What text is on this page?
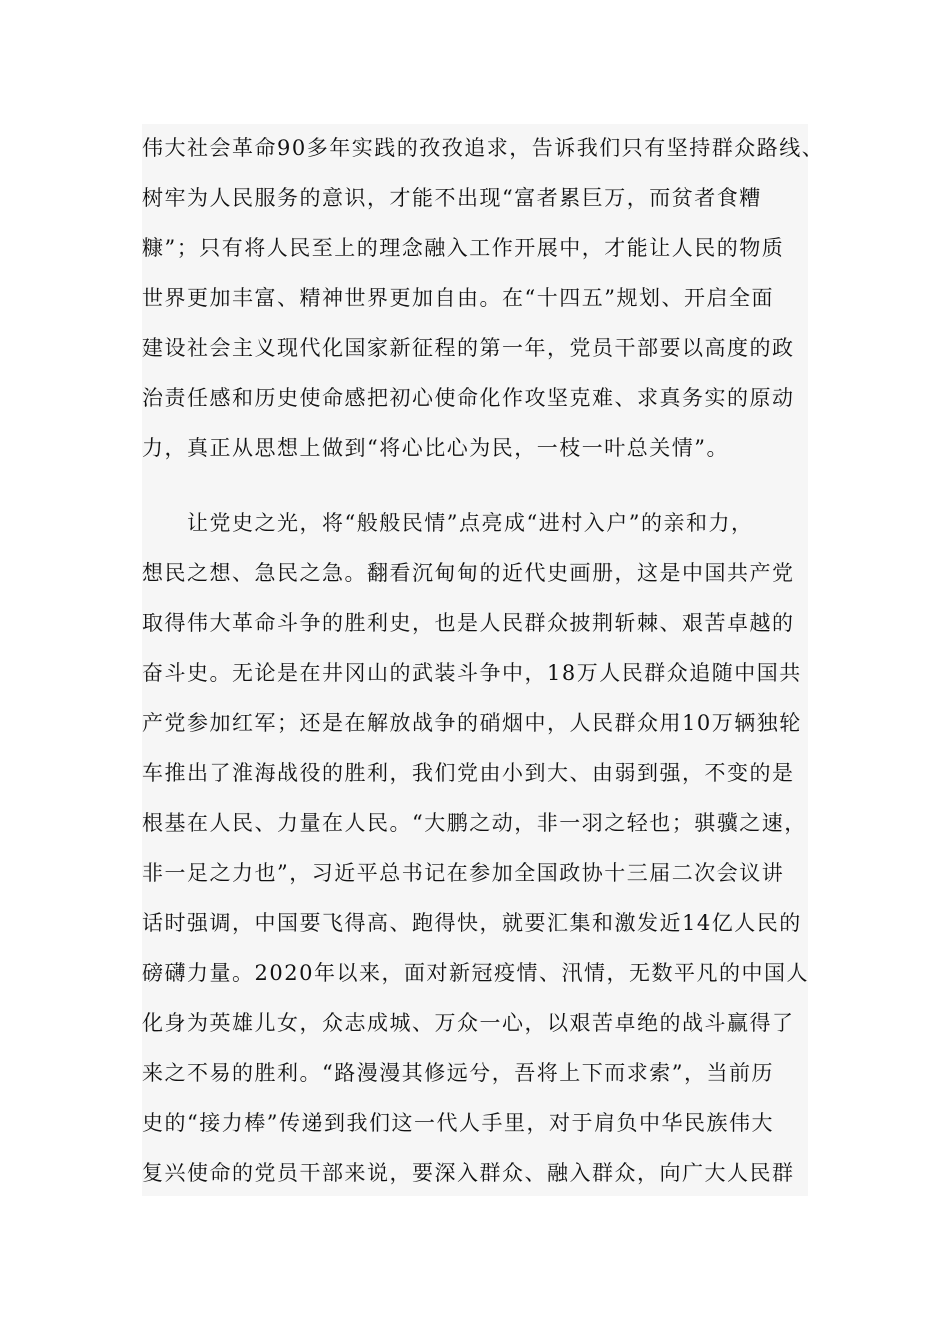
伟大社会革命90多年实践的孜孜追求，告诉我们只有坚持群众路线、
树牢为人民服务的意识，才能不出现“富者累巨万，而贫者食糟
糠”；只有将人民至上的理念融入工作开展中，才能让人民的物质
世界更加丰富、精神世界更加自由。在“十四五”规划、开启全面
建设社会主义现代化国家新征程的第一年，党员干部要以高度的政
治责任感和历史使命感把初心使命化作攻坚克难、求真务实的原动
力，真正从思想上做到“将心比心为民，一枝一叶总关情”。
　　让党史之光，将“般般民情”点亮成“进村入户”的亲和力，
想民之想、急民之急。翻看沉甸甸的近代史画册，这是中国共产党
取得伟大革命斗争的胜利史，也是人民群众披荆斩棘、艰苦卓越的
奋斗史。无论是在井冈山的武装斗争中，18万人民群众追随中国共
产党参加红军；还是在解放战争的硝烟中，人民群众用10万辆独轮
车推出了淮海战役的胜利，我们党由小到大、由弱到强，不变的是
根基在人民、力量在人民。“大鹏之动，非一羽之轻也；骐骥之速，
非一足之力也”，习近平总书记在参加全国政协十三届二次会议讲
话时强调，中国要飞得高、跑得快，就要汇集和激发近14亿人民的
磅礴力量。2020年以来，面对新冠疫情、汛情，无数平凡的中国人
化身为英雄儿女，众志成城、万众一心，以艰苦卓绝的战斗赢得了
来之不易的胜利。“路漫漫其修远兮，吾将上下而求索”，当前历
史的“接力棒”传递到我们这一代人手里，对于肩负中华民族伟大
复兴使命的党员干部来说，要深入群众、融入群众，向广大人民群
